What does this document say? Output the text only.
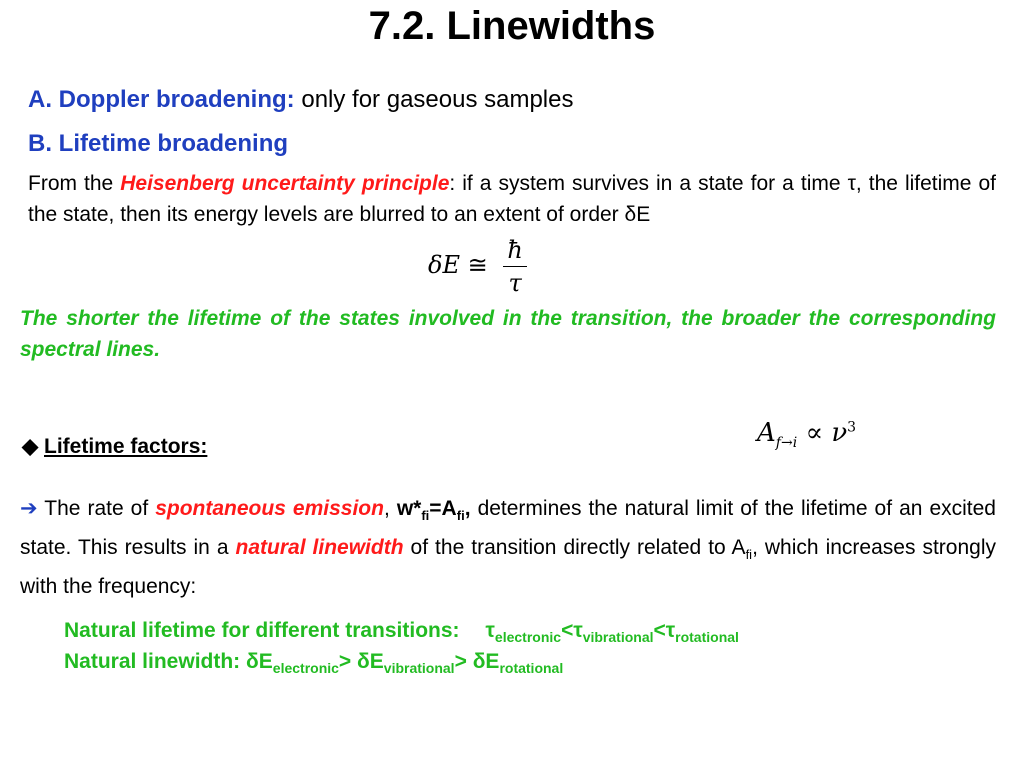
7.2. Linewidths
A. Doppler broadening: only for gaseous samples
B. Lifetime broadening
From the Heisenberg uncertainty principle: if a system survives in a state for a time τ, the lifetime of the state, then its energy levels are blurred to an extent of order δE
δE ≅ $\frac{ħ}{\tau}$
The shorter the lifetime of the states involved in the transition, the broader the corresponding spectral lines.
$A_{f\to i} \propto \nu^3$
◆ Lifetime factors:
➔ The rate of spontaneous emission, $w*_{fi}=A_{fi}$, determines the natural limit of the lifetime of an excited state. This results in a natural linewidth of the transition directly related to $A_{fi}$, which increases strongly with the frequency:
Natural lifetime for different transitions: $\tau_{electronic}<\tau_{vibrational}<\tau_{rotational}$
Natural linewidth: $\delta E_{electronic}> \delta E_{vibrational}> \delta E_{rotational}$
